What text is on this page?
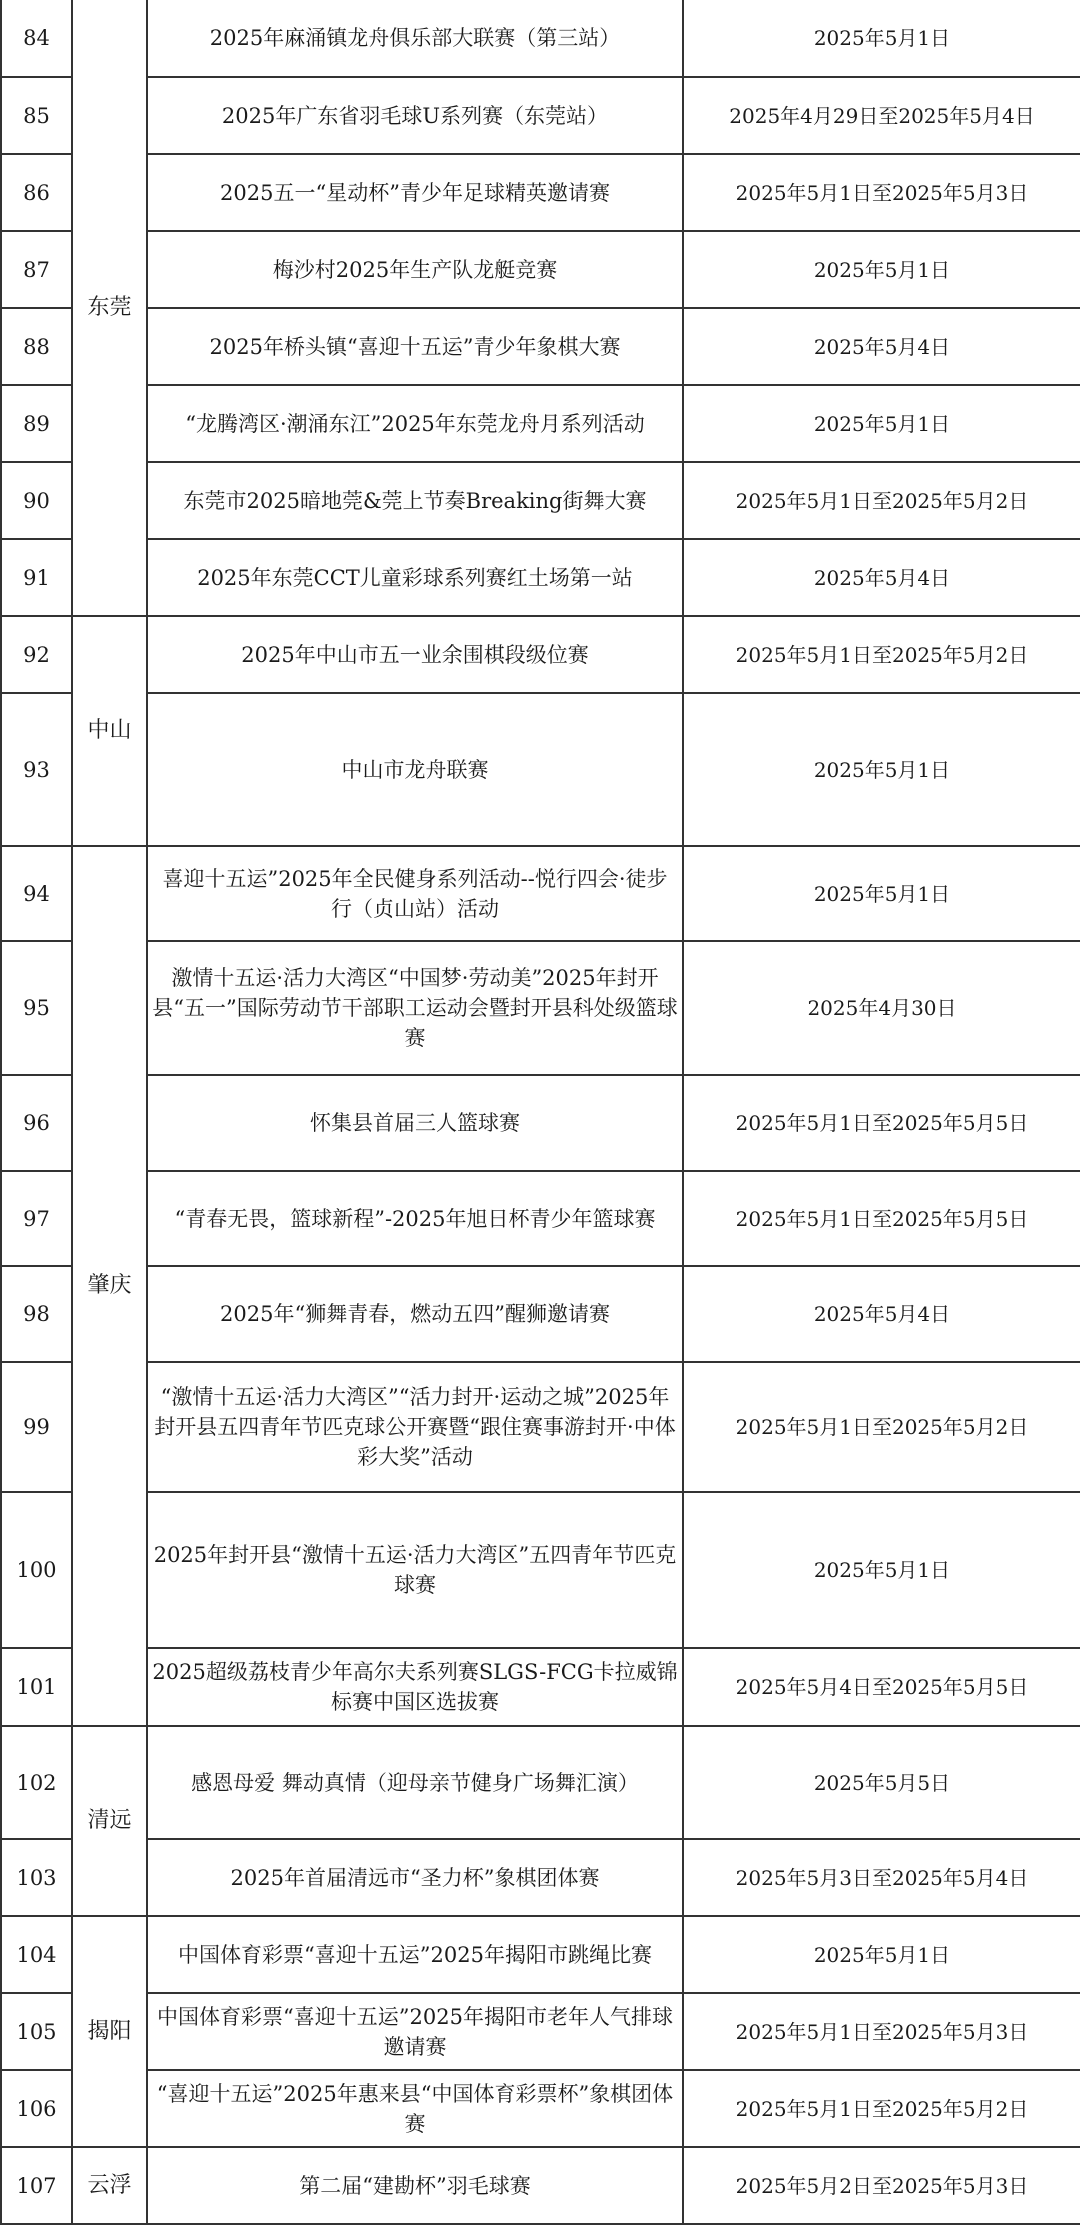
84	东莞	2025年麻涌镇龙舟俱乐部大联赛（第三站）	2025年5月1日
85		2025年广东省羽毛球U系列赛（东莞站）	2025年4月29日至2025年5月4日
86		2025五一“星动杯”青少年足球精英邀请赛	2025年5月1日至2025年5月3日
87		梅沙村2025年生产队龙艇竞赛	2025年5月1日
88		2025年桥头镇“喜迎十五运”青少年象棋大赛	2025年5月4日
89		“龙腾湾区·潮涌东江”2025年东莞龙舟月系列活动	2025年5月1日
90		东莞市2025暗地莞&莞上节奏Breaking街舞大赛	2025年5月1日至2025年5月2日
91		2025年东莞CCT儿童彩球系列赛红土场第一站	2025年5月4日
92	中山	2025年中山市五一业余围棋段级位赛	2025年5月1日至2025年5月2日
93		中山市龙舟联赛	2025年5月1日
94	肇庆	喜迎十五运”2025年全民健身系列活动--悦行四会·徒步行（贞山站）活动	2025年5月1日
95		激情十五运·活力大湾区“中国梦·劳动美”2025年封开县“五一”国际劳动节干部职工运动会暨封开县科处级篮球赛	2025年4月30日
96		怀集县首届三人篮球赛	2025年5月1日至2025年5月5日
97		“青春无畏，篮球新程”-2025年旭日杯青少年篮球赛	2025年5月1日至2025年5月5日
98		2025年“狮舞青春，燃动五四”醒狮邀请赛	2025年5月4日
99		“激情十五运·活力大湾区”“活力封开·运动之城”2025年封开县五四青年节匹克球公开赛暨“跟住赛事游封开·中体彩大奖”活动	2025年5月1日至2025年5月2日
100		2025年封开县“激情十五运·活力大湾区”五四青年节匹克球赛	2025年5月1日
101		2025超级荔枝青少年高尔夫系列赛SLGS-FCG卡拉威锦标赛中国区选拔赛	2025年5月4日至2025年5月5日
102	清远	感恩母爱 舞动真情（迎母亲节健身广场舞汇演）	2025年5月5日
103		2025年首届清远市“圣力杯”象棋团体赛	2025年5月3日至2025年5月4日
104	揭阳	中国体育彩票“喜迎十五运”2025年揭阳市跳绳比赛	2025年5月1日
105		中国体育彩票“喜迎十五运”2025年揭阳市老年人气排球邀请赛	2025年5月1日至2025年5月3日
106		“喜迎十五运”2025年惠来县“中国体育彩票杯”象棋团体赛	2025年5月1日至2025年5月2日
107	云浮	第二届“建勘杯”羽毛球赛	2025年5月2日至2025年5月3日
